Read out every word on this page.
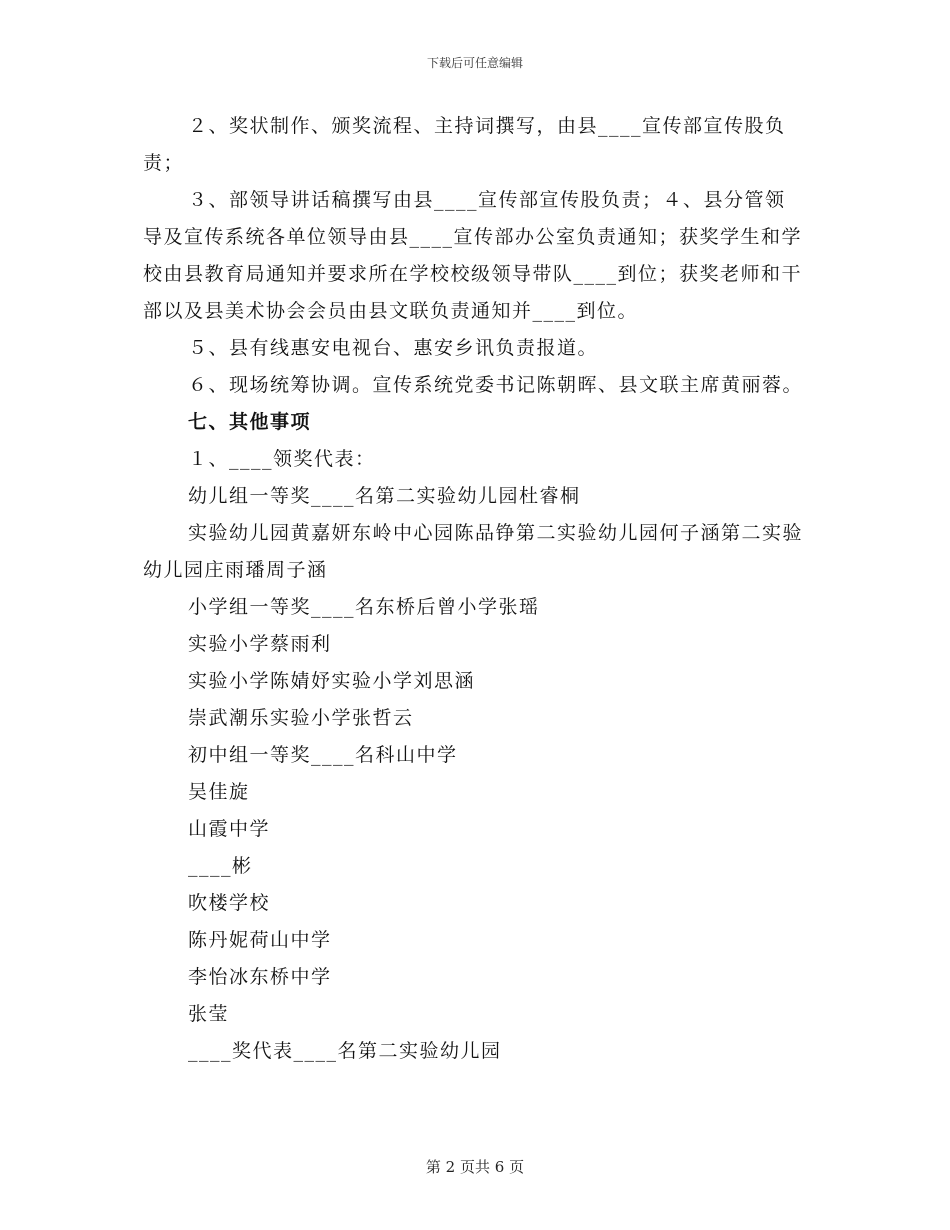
下载后可任意编辑

２、奖状制作、颁奖流程、主持词撰写，由县____宣传部宣传股负责；

３、部领导讲话稿撰写由县____宣传部宣传股负责；４、县分管领导及宣传系统各单位领导由县____宣传部办公室负责通知；获奖学生和学校由县教育局通知并要求所在学校校级领导带队____到位；获奖老师和干部以及县美术协会会员由县文联负责通知并____到位。

５、县有线惠安电视台、惠安乡讯负责报道。

６、现场统筹协调。宣传系统党委书记陈朝晖、县文联主席黄丽蓉。

七、其他事项

１、____领奖代表：

幼儿组一等奖____名第二实验幼儿园杜睿桐

实验幼儿园黄嘉妍东岭中心园陈品铮第二实验幼儿园何子涵第二实验幼儿园庄雨璠周子涵

小学组一等奖____名东桥后曾小学张瑶

实验小学蔡雨利

实验小学陈婧妤实验小学刘思涵

崇武潮乐实验小学张哲云

初中组一等奖____名科山中学

吴佳旋

山霞中学

____彬

吹楼学校

陈丹妮荷山中学

李怡冰东桥中学

张莹

____奖代表____名第二实验幼儿园

第 2 页共 6 页
